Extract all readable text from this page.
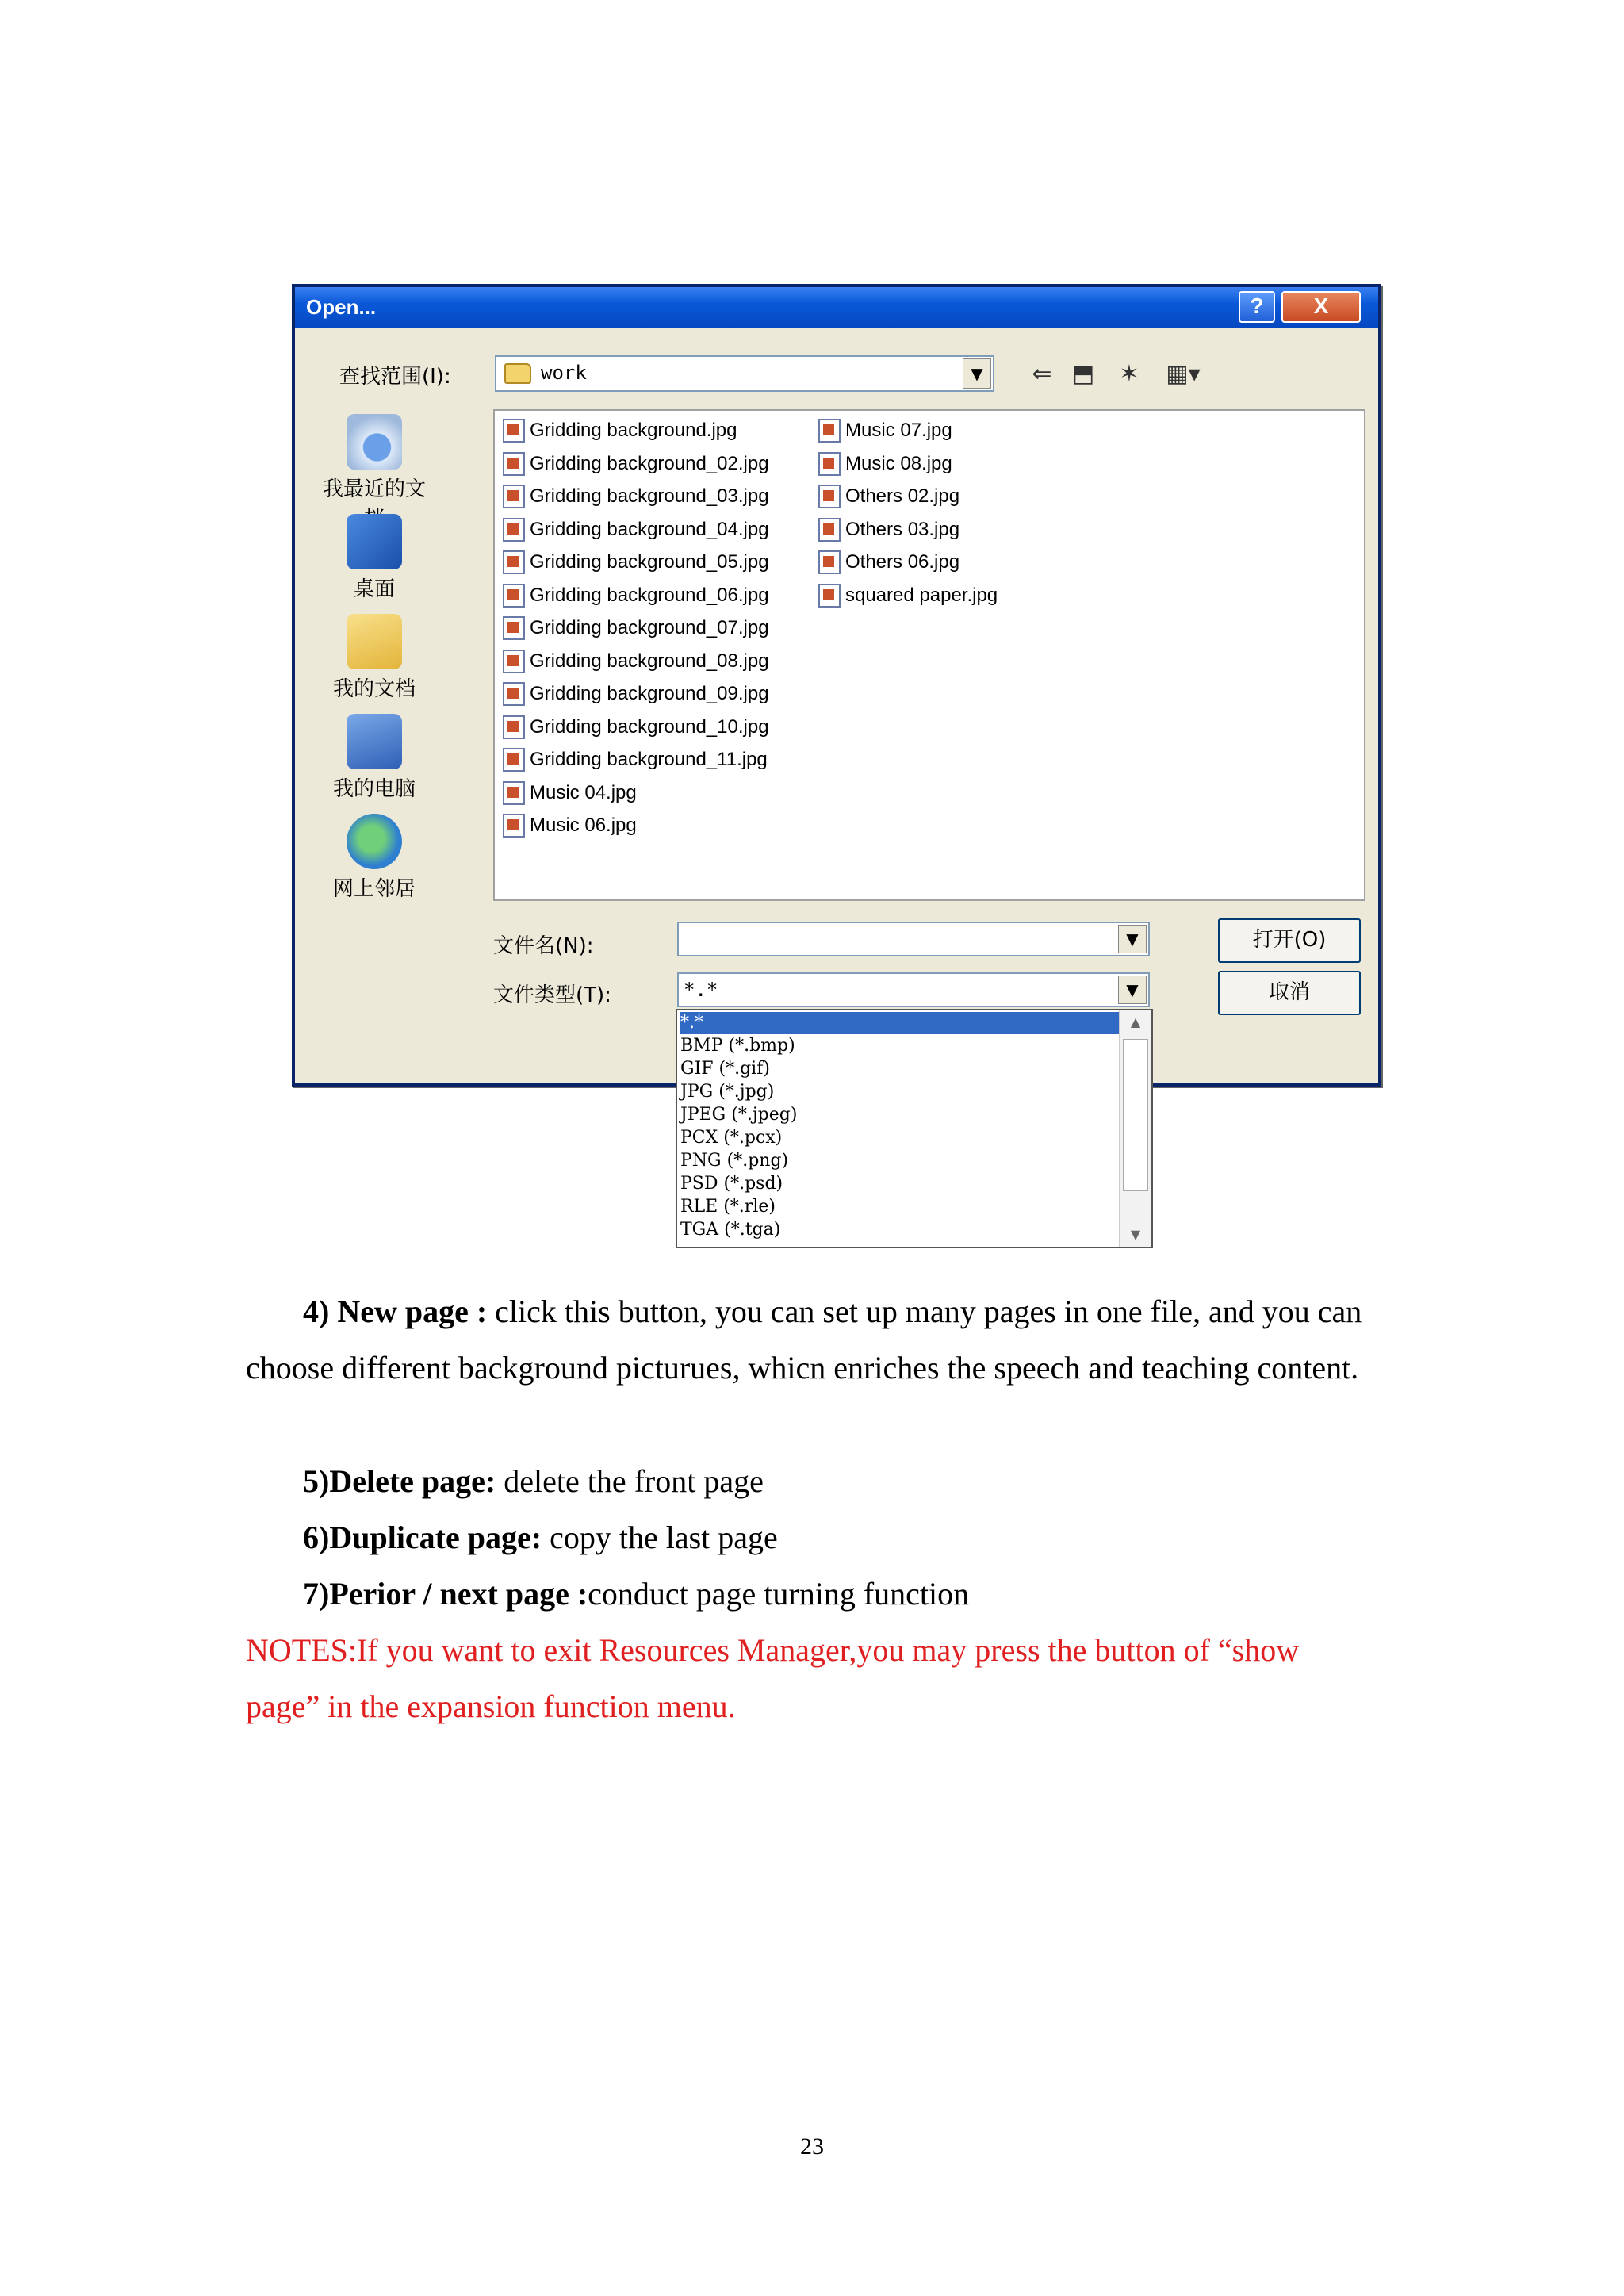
Open...	?	X
查找范围(I):	work	▼	⇐ ⬒ ✶ ▦▾
我最近的文
桌面
我的文档
我的电脑
网上邻居
Gridding background.jpg
Gridding background_02.jpg
Gridding background_03.jpg
Gridding background_04.jpg
Gridding background_05.jpg
Gridding background_06.jpg
Gridding background_07.jpg
Gridding background_08.jpg
Gridding background_09.jpg
Gridding background_10.jpg
Gridding background_11.jpg
Music 04.jpg
Music 06.jpg
Music 07.jpg
Music 08.jpg
Others 02.jpg
Others 03.jpg
Others 06.jpg
squared paper.jpg
文件名(N):	▼
文件类型(T):	*.*	▼
打开(O)
取消
*.*
BMP (*.bmp)
GIF (*.gif)
JPG (*.jpg)
JPEG (*.jpeg)
PCX (*.pcx)
PNG (*.png)
PSD (*.psd)
RLE (*.rle)
TGA (*.tga)
▲
▼
4) New page : click this button, you can set up many pages in one file, and you can choose different background picturues, whicn enriches the speech and teaching content.
5)Delete page: delete the front page
6)Duplicate page: copy the last page
7)Perior / next page :conduct page turning function
NOTES:If you want to exit Resources Manager,you may press the button of “show page” in the expansion function menu.
23
